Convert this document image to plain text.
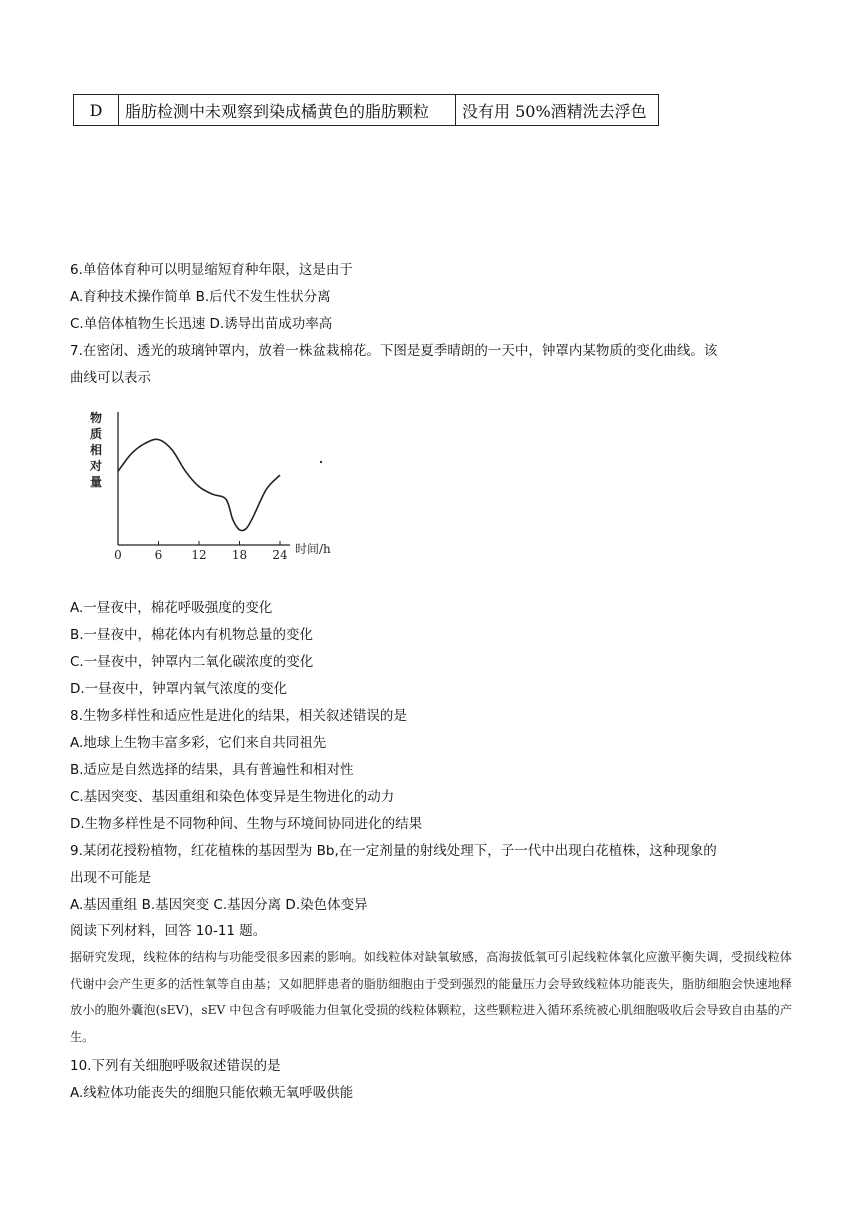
D	脂肪检测中未观察到染成橘黄色的脂肪颗粒	没有用 50%酒精洗去浮色
6.单倍体育种可以明显缩短育种年限，这是由于
A.育种技术操作简单 B.后代不发生性状分离
C.单倍体植物生长迅速 D.诱导出苗成功率高
7.在密闭、透光的玻璃钟罩内，放着一株盆栽棉花。下图是夏季晴朗的一天中，钟罩内某物质的变化曲线。该
曲线可以表示
物
质
相
对
量
0	6 12 18 24 时间/h
A.一昼夜中，棉花呼吸强度的变化
B.一昼夜中，棉花体内有机物总量的变化
C.一昼夜中，钟罩内二氧化碳浓度的变化
D.一昼夜中，钟罩内氧气浓度的变化
8.生物多样性和适应性是进化的结果，相关叙述错误的是
A.地球上生物丰富多彩，它们来自共同祖先
B.适应是自然选择的结果，具有普遍性和相对性
C.基因突变、基因重组和染色体变异是生物进化的动力
D.生物多样性是不同物种间、生物与环境间协同进化的结果
9.某闭花授粉植物，红花植株的基因型为 Bb,在一定剂量的射线处理下，子一代中出现白花植株，这种现象的
出现不可能是
A.基因重组 B.基因突变 C.基因分离 D.染色体变异
阅读下列材料，回答 10-11 题。
据研究发现，线粒体的结构与功能受很多因素的影响。如线粒体对缺氧敏感，高海拔低氧可引起线粒体氧化应激平衡失调，受损线粒体代谢中会产生更多的活性氧等自由基；又如肥胖患者的脂肪细胞由于受到强烈的能量压力会导致线粒体功能丧失，脂肪细胞会快速地释放小的胞外囊泡(sEV)，sEV 中包含有呼吸能力但氧化受损的线粒体颗粒，这些颗粒进入循环系统被心肌细胞吸收后会导致自由基的产生。
10.下列有关细胞呼吸叙述错误的是
A.线粒体功能丧失的细胞只能依赖无氧呼吸供能
